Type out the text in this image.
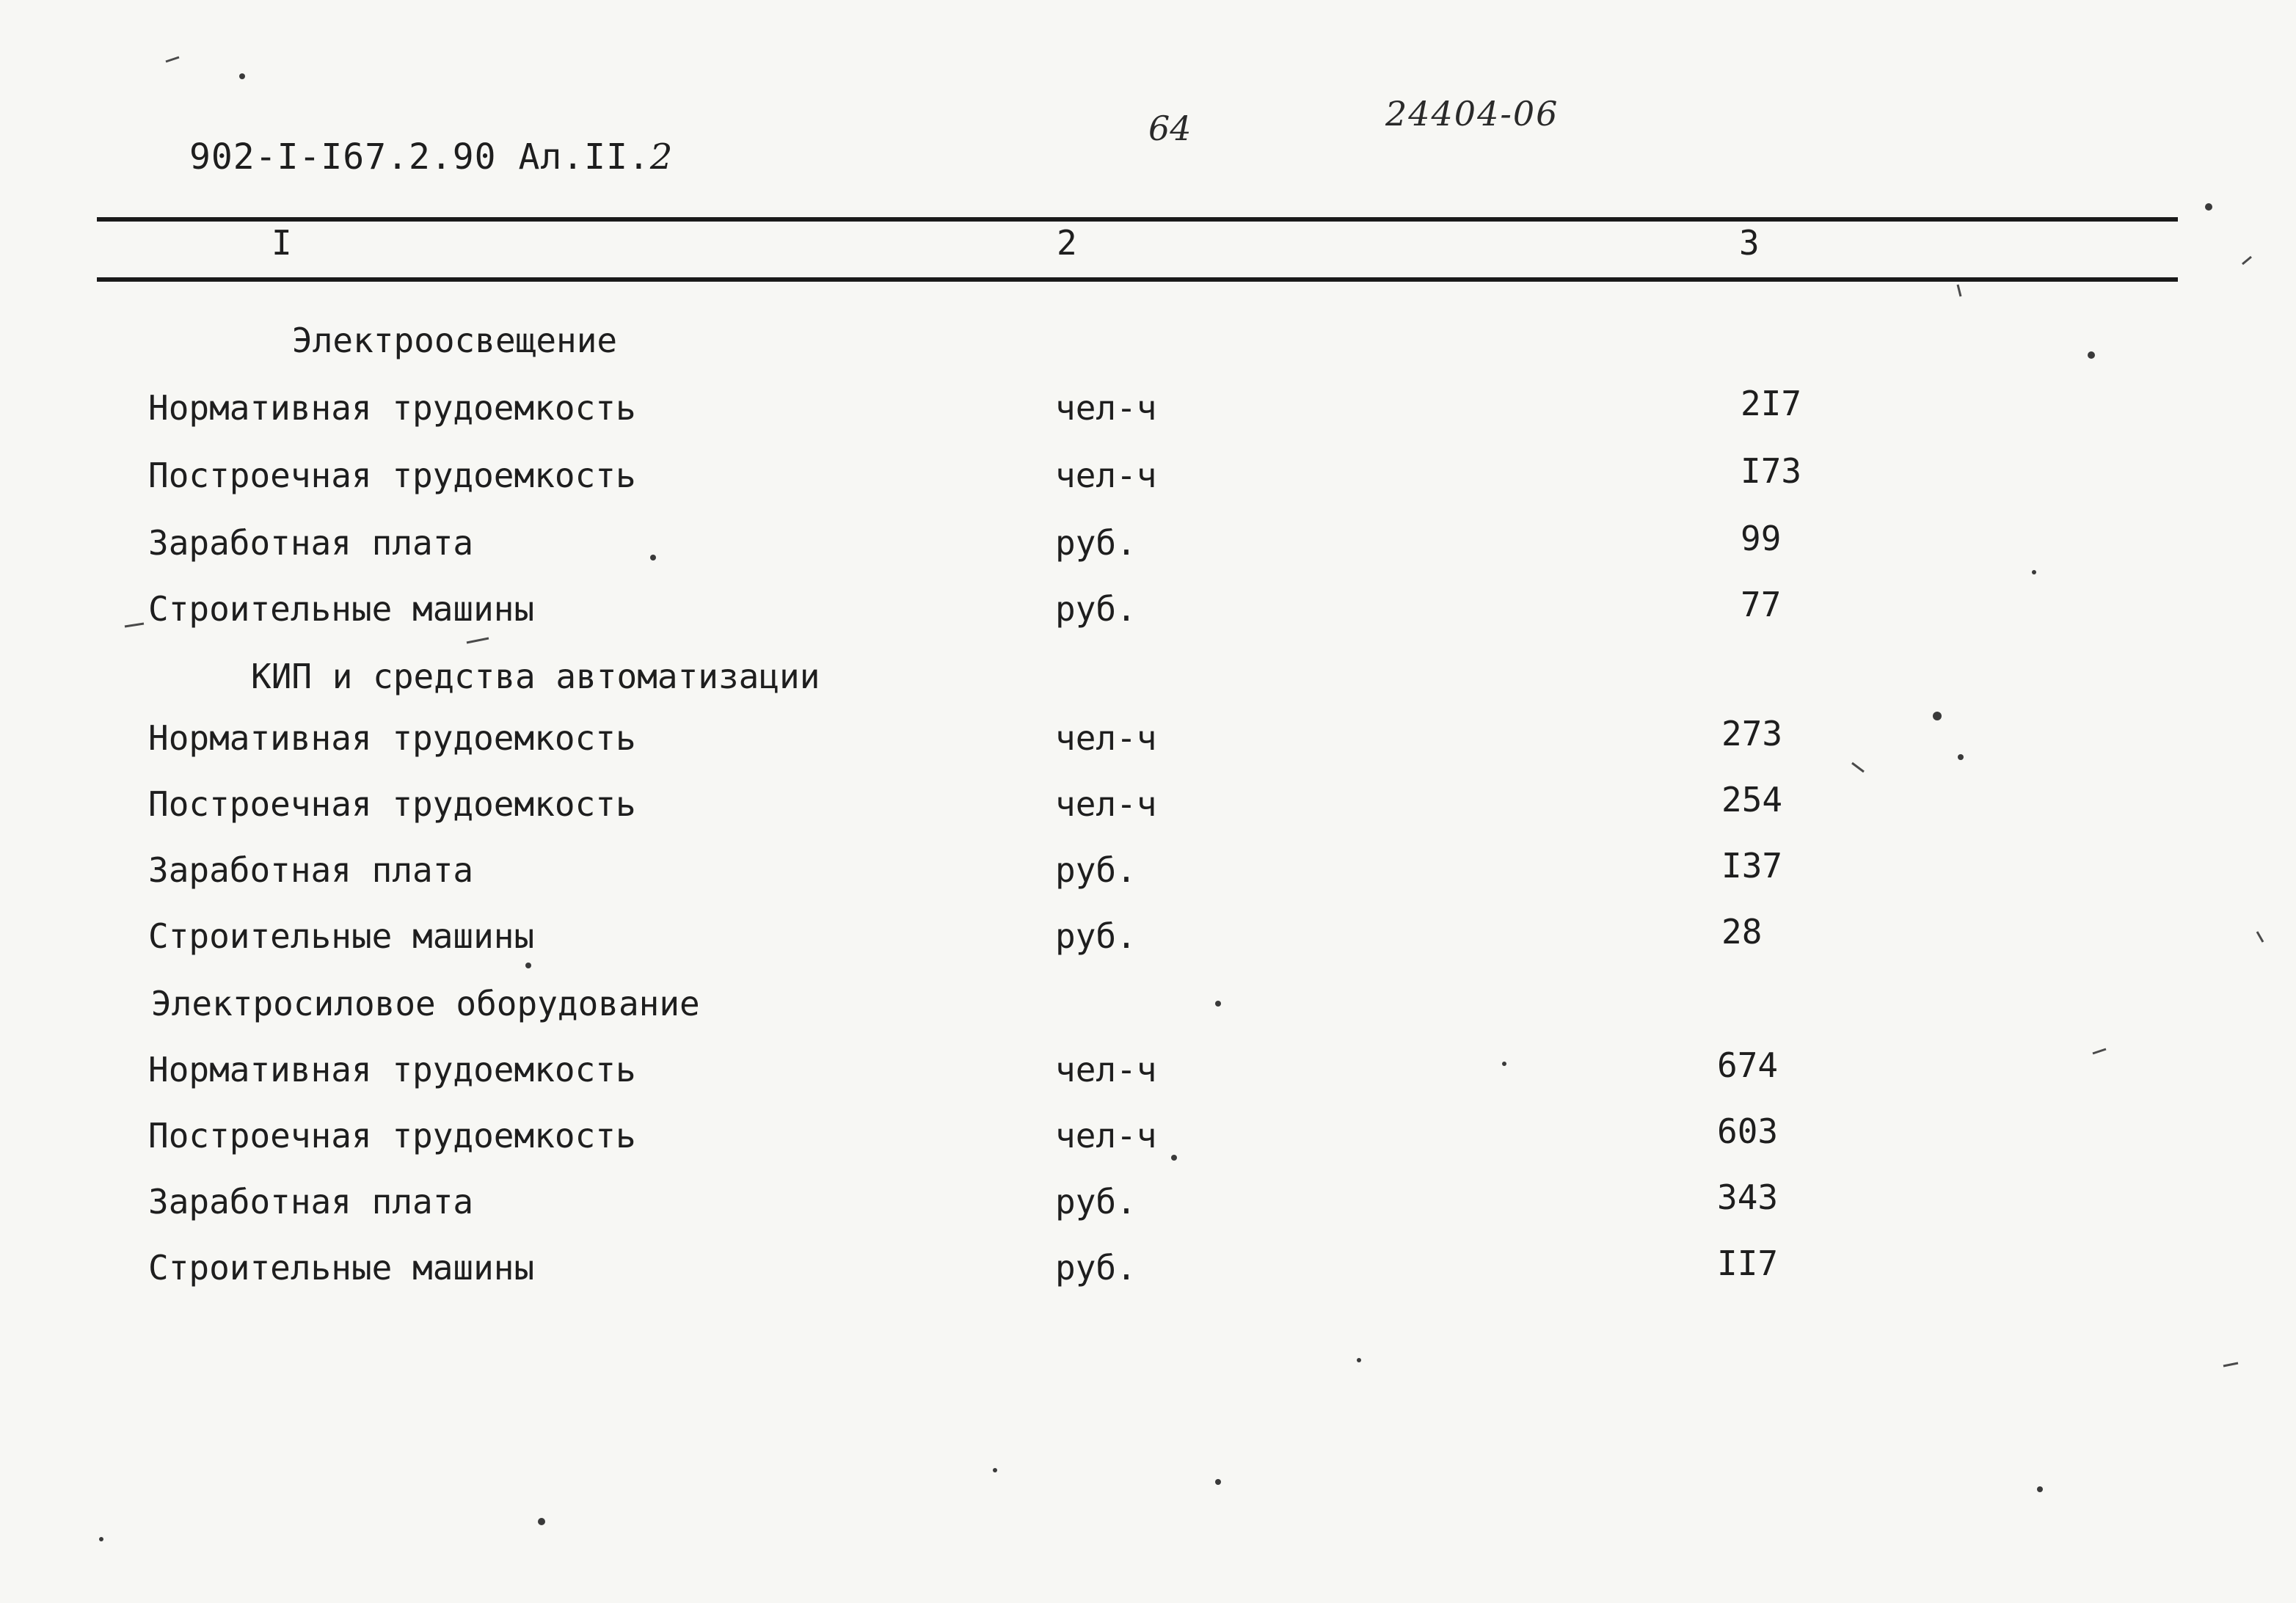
902-I-I67.2.90 Ал.II.2
64	24404-06
I	2	3
Электроосвещение
Нормативная трудоемкость	чел-ч	2I7
Построечная трудоемкость	чел-ч	I73
Заработная плата	руб.	99
Строительные машины	руб.	77
КИП и средства автоматизации
Нормативная трудоемкость	чел-ч	273
Построечная трудоемкость	чел-ч	254
Заработная плата	руб.	I37
Строительные машины	руб.	28
Электросиловое оборудование
Нормативная трудоемкость	чел-ч	674
Построечная трудоемкость	чел-ч	603
Заработная плата	руб.	343
Строительные машины	руб.	II7
